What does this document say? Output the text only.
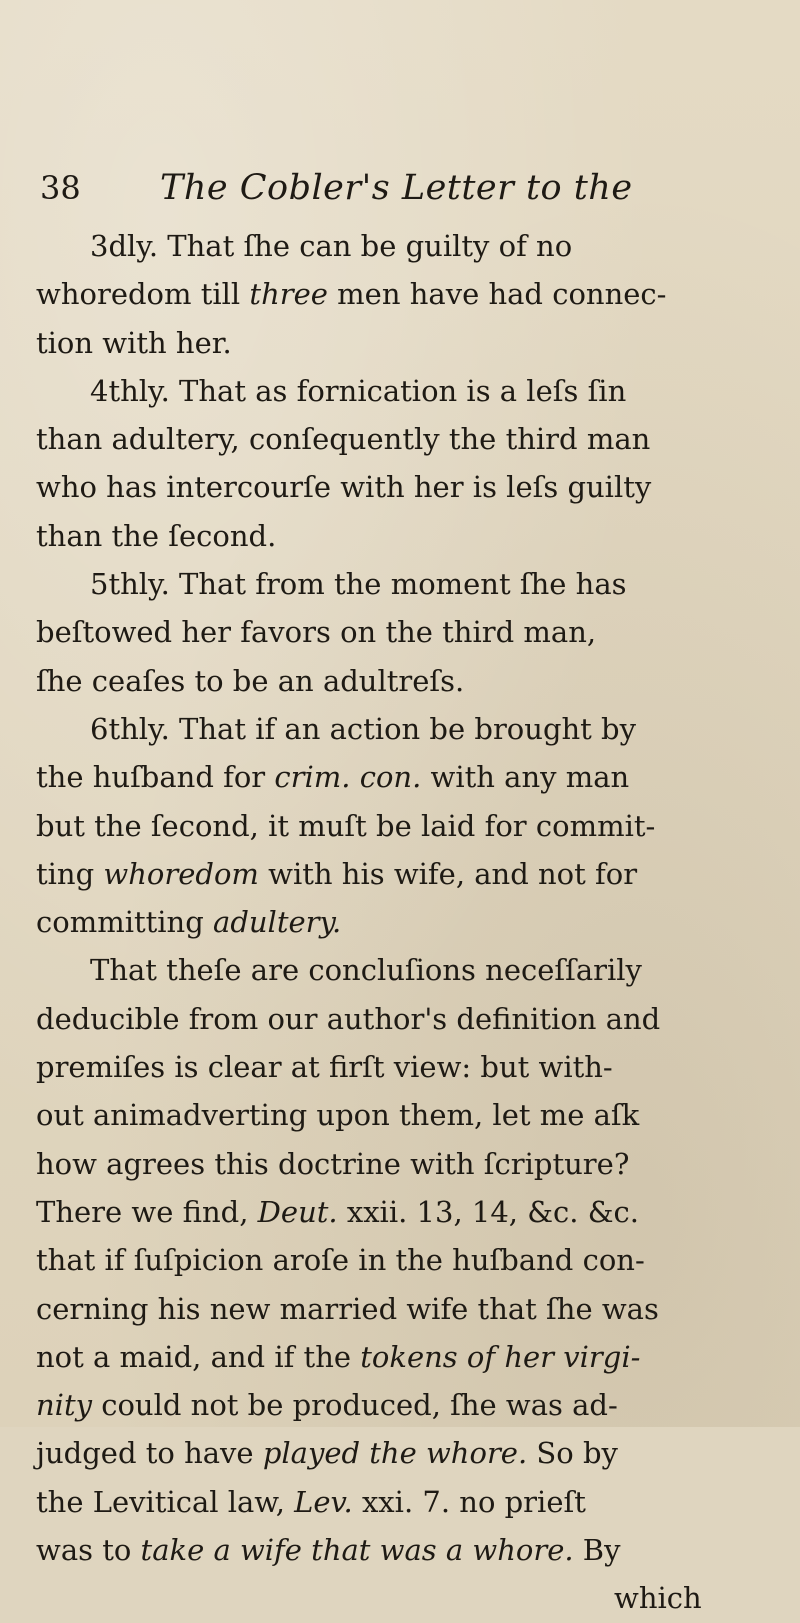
38 The Cobler's Letter to the
3dly. That ſhe can be guilty of no
whoredom till three men have had connec-
tion with her.
4thly. That as fornication is a leſs ſin
than adultery, conſequently the third man
who has intercourſe with her is leſs guilty
than the ſecond.
5thly. That from the moment ſhe has
beſtowed her favors on the third man,
ſhe ceaſes to be an adultreſs.
6thly. That if an action be brought by
the huſband for crim. con. with any man
but the ſecond, it muſt be laid for commit-
ting whoredom with his wife, and not for
committing adultery.
That theſe are concluſions neceſſarily
deducible from our author's definition and
premiſes is clear at firſt view: but with-
out animadverting upon them, let me aſk
how agrees this doctrine with ſcripture?
There we find, Deut. xxii. 13, 14, &c. &c.
that if ſuſpicion aroſe in the huſband con-
cerning his new married wife that ſhe was
not a maid, and if the tokens of her virgi-
nity could not be produced, ſhe was ad-
judged to have played the whore. So by
the Levitical law, Lev. xxi. 7. no prieſt
was to take a wife that was a whore. By
which
